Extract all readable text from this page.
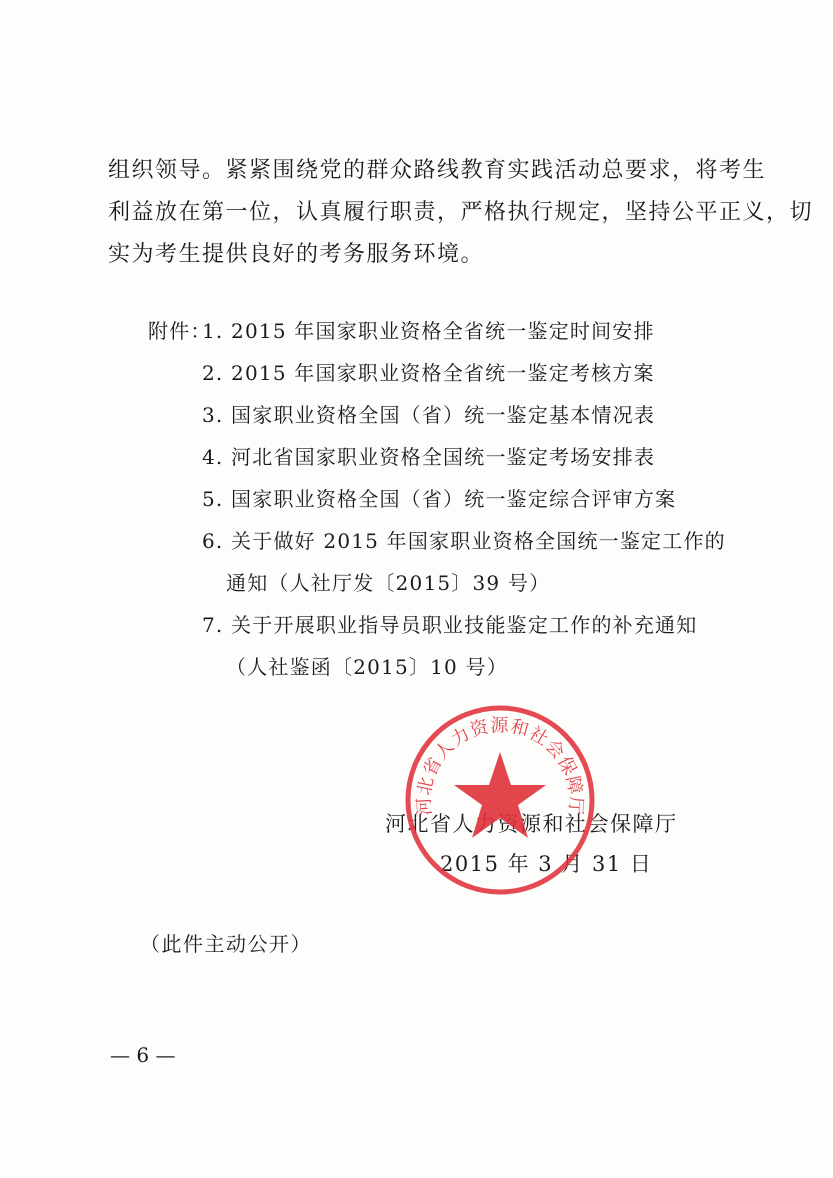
组织领导。紧紧围绕党的群众路线教育实践活动总要求，将考生
利益放在第一位，认真履行职责，严格执行规定，坚持公平正义，切
实为考生提供良好的考务服务环境。
附件：
1. 2015 年国家职业资格全省统一鉴定时间安排
2. 2015 年国家职业资格全省统一鉴定考核方案
3. 国家职业资格全国（省）统一鉴定基本情况表
4. 河北省国家职业资格全国统一鉴定考场安排表
5. 国家职业资格全国（省）统一鉴定综合评审方案
6. 关于做好 2015 年国家职业资格全国统一鉴定工作的
通知（人社厅发〔2015〕39 号）
7. 关于开展职业指导员职业技能鉴定工作的补充通知
（人社鉴函〔2015〕10 号）
河北省人力资源和社会保障厅
2015 年 3 月 31 日
河北省人力资源和社会保障厅
（此件主动公开）
— 6 —
